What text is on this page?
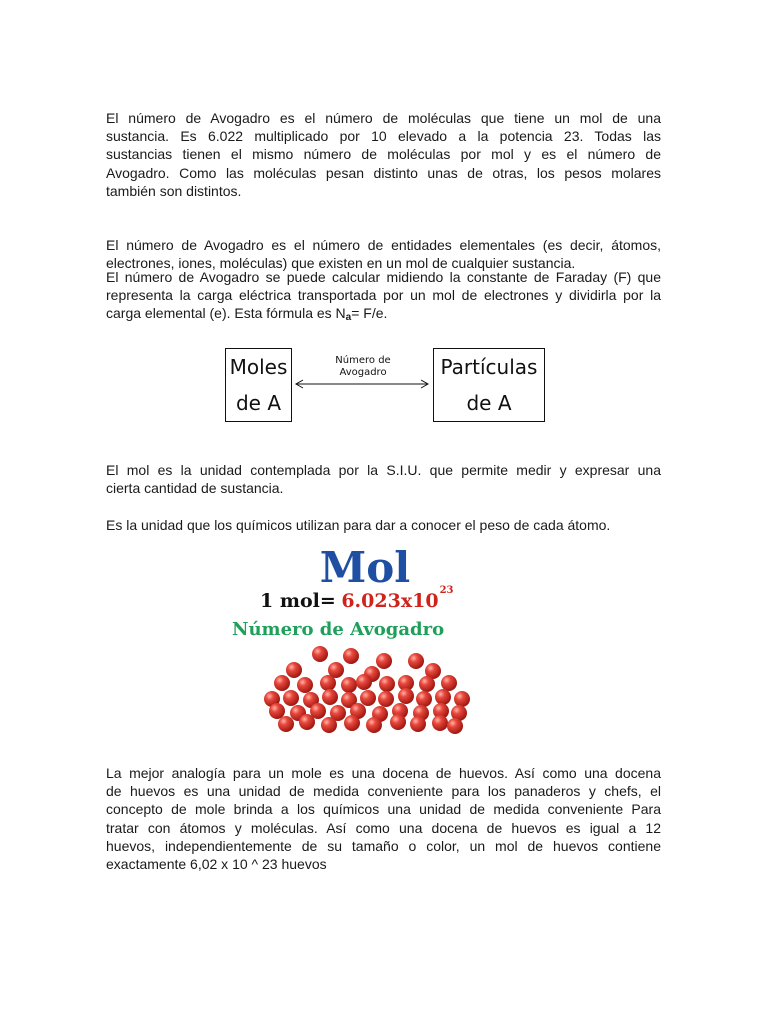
El número de Avogadro es el número de moléculas que tiene un mol de una
sustancia. Es 6.022 multiplicado por 10 elevado a la potencia 23. Todas las
sustancias tienen el mismo número de moléculas por mol y es el número de
Avogadro. Como las moléculas pesan distinto unas de otras, los pesos molares
también son distintos.
El número de Avogadro es el número de entidades elementales (es decir, átomos,
electrones, iones, moléculas) que existen en un mol de cualquier sustancia.
El número de Avogadro se puede calcular midiendo la constante de Faraday (F) que
representa la carga eléctrica transportada por un mol de electrones y dividirla por la
carga elemental (e). Esta fórmula es $N_a= F/e$.
Moles
de A
Número de
Avogadro	Partículas
de A
El mol es la unidad contemplada por la S.I.U. que permite medir y expresar una
cierta cantidad de sustancia.
Es la unidad que los químicos utilizan para dar a conocer el peso de cada átomo.
Mol
1 $mol= 6.023x10^{23}$
Número de Avogadro
La mejor analogía para un mole es una docena de huevos. Así como una docena
de huevos es una unidad de medida conveniente para los panaderos y chefs, el
concepto de mole brinda a los químicos una unidad de medida conveniente Para
tratar con átomos y moléculas. Así como una docena de huevos es igual a 12
huevos, independientemente de su tamaño o color, un mol de huevos contiene
exactamente 6,02 x 10 ^ 23 huevos
